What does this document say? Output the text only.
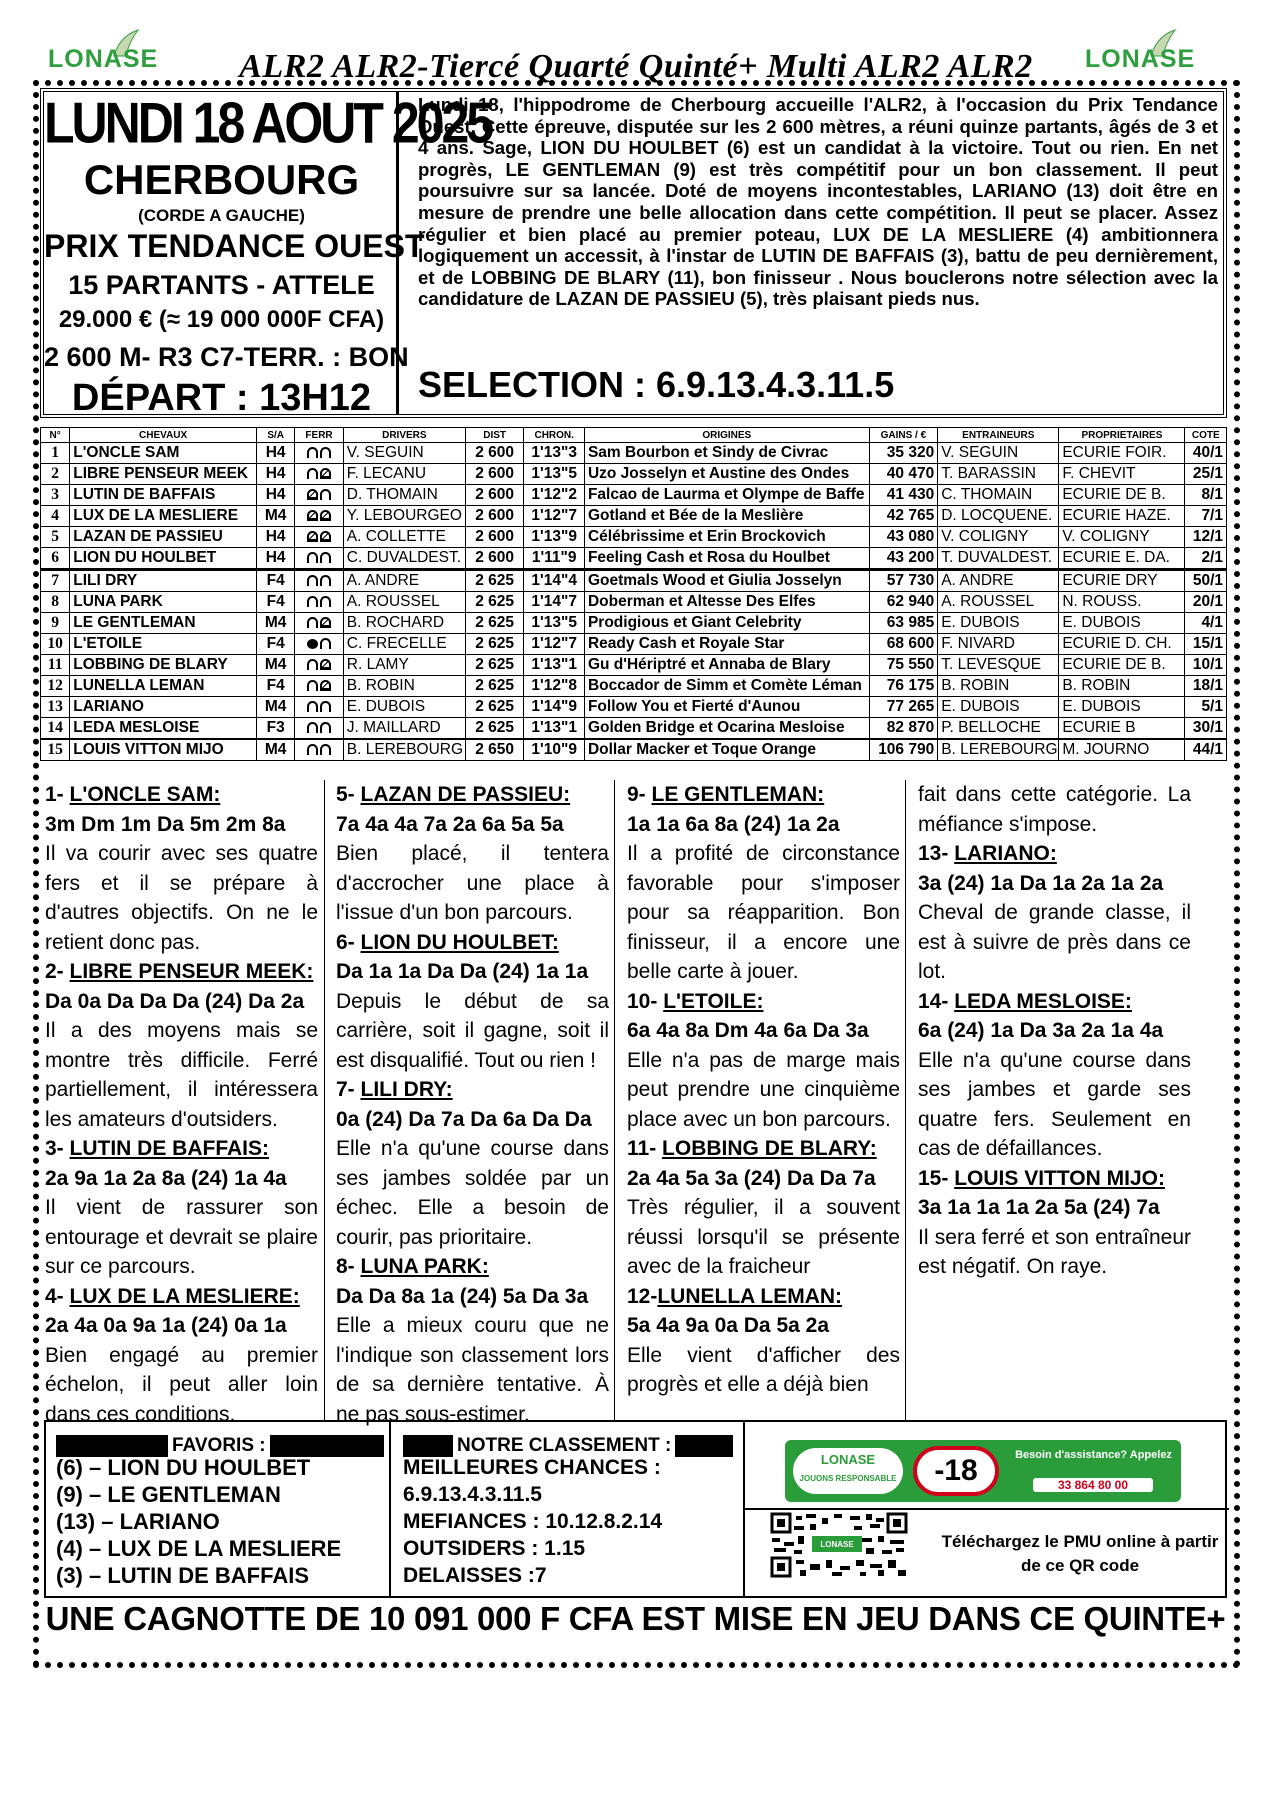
LONASE	LONASE
ALR2 ALR2-Tiercé Quarté Quinté+ Multi ALR2 ALR2
LUNDI 18 AOUT 2025
CHERBOURG
(CORDE A GAUCHE)
PRIX TENDANCE OUEST
15 PARTANTS - ATTELE
29.000 € (≈ 19 000 000F CFA)
2 600 M- R3 C7-TERR. : BON
DÉPART : 13H12
Lundi 18, l'hippodrome de Cherbourg accueille l'ALR2, à l'occasion du Prix Tendance Ouest. Cette épreuve, disputée sur les 2 600 mètres, a réuni quinze partants, âgés de 3 et 4 ans. Sage, LION DU HOULBET (6) est un candidat à la victoire. Tout ou rien. En net progrès, LE GENTLEMAN (9) est très compétitif pour un bon classement. Il peut poursuivre sur sa lancée. Doté de moyens incontestables, LARIANO (13) doit être en mesure de prendre une belle allocation dans cette compétition. Il peut se placer. Assez régulier et bien placé au premier poteau, LUX DE LA MESLIERE (4) ambitionnera logiquement un accessit, à l'instar de LUTIN DE BAFFAIS (3), battu de peu dernièrement, et de LOBBING DE BLARY (11), bon finisseur . Nous bouclerons notre sélection avec la candidature de LAZAN DE PASSIEU (5), très plaisant pieds nus.
SELECTION : 6.9.13.4.3.11.5
N°	CHEVAUX	S/A	FERR	DRIVERS	DIST	CHRON.	ORIGINES	GAINS / €	ENTRAINEURS	PROPRIETAIRES	COTE
1	L'ONCLE SAM	H4		V. SEGUIN	2 600	1'13"3	Sam Bourbon et Sindy de Civrac	35 320	V. SEGUIN	ECURIE FOIR.	40/1
2	LIBRE PENSEUR MEEK	H4		F. LECANU	2 600	1'13"5	Uzo Josselyn et Austine des Ondes	40 470	T. BARASSIN	F. CHEVIT	25/1
3	LUTIN DE BAFFAIS	H4		D. THOMAIN	2 600	1'12"2	Falcao de Laurma et Olympe de Baffe	41 430	C. THOMAIN	ECURIE DE B.	8/1
4	LUX DE LA MESLIERE	M4		Y. LEBOURGEO	2 600	1'12"7	Gotland et Bée de la Meslière	42 765	D. LOCQUENE.	ECURIE HAZE.	7/1
5	LAZAN DE PASSIEU	H4		A. COLLETTE	2 600	1'13"9	Célébrissime et Erin Brockovich	43 080	V. COLIGNY	V. COLIGNY	12/1
6	LION DU HOULBET	H4		C. DUVALDEST.	2 600	1'11"9	Feeling Cash et Rosa du Houlbet	43 200	T. DUVALDEST.	ECURIE E. DA.	2/1
7	LILI DRY	F4		A. ANDRE	2 625	1'14"4	Goetmals Wood et Giulia Josselyn	57 730	A. ANDRE	ECURIE DRY	50/1
8	LUNA PARK	F4		A. ROUSSEL	2 625	1'14"7	Doberman et Altesse Des Elfes	62 940	A. ROUSSEL	N. ROUSS.	20/1
9	LE GENTLEMAN	M4		B. ROCHARD	2 625	1'13"5	Prodigious et Giant Celebrity	63 985	E. DUBOIS	E. DUBOIS	4/1
10	L'ETOILE	F4		C. FRECELLE	2 625	1'12"7	Ready Cash et Royale Star	68 600	F. NIVARD	ECURIE D. CH.	15/1
11	LOBBING DE BLARY	M4		R. LAMY	2 625	1'13"1	Gu d'Hériptré et Annaba de Blary	75 550	T. LEVESQUE	ECURIE DE B.	10/1
12	LUNELLA LEMAN	F4		B. ROBIN	2 625	1'12"8	Boccador de Simm et Comète Léman	76 175	B. ROBIN	B. ROBIN	18/1
13	LARIANO	M4		E. DUBOIS	2 625	1'14"9	Follow You et Fierté d'Aunou	77 265	E. DUBOIS	E. DUBOIS	5/1
14	LEDA MESLOISE	F3		J. MAILLARD	2 625	1'13"1	Golden Bridge et Ocarina Mesloise	82 870	P. BELLOCHE	ECURIE B	30/1
15	LOUIS VITTON MIJO	M4		B. LEREBOURG	2 650	1'10"9	Dollar Macker et Toque Orange	106 790	B. LEREBOURG	M. JOURNO	44/1
1- L'ONCLE SAM:
3m Dm 1m Da 5m 2m 8a
Il va courir avec ses quatre fers et il se prépare à d'autres objectifs. On ne le retient donc pas.
2- LIBRE PENSEUR MEEK:
Da 0a Da Da Da (24) Da 2a
Il a des moyens mais se montre très difficile. Ferré partiellement, il intéressera les amateurs d'outsiders.
3- LUTIN DE BAFFAIS:
2a 9a 1a 2a 8a (24) 1a 4a
Il vient de rassurer son entourage et devrait se plaire sur ce parcours.
4- LUX DE LA MESLIERE:
2a 4a 0a 9a 1a (24) 0a 1a
Bien engagé au premier échelon, il peut aller loin dans ces conditions.
5- LAZAN DE PASSIEU:
7a 4a 4a 7a 2a 6a 5a 5a
Bien placé, il tentera d'accrocher une place à l'issue d'un bon parcours.
6- LION DU HOULBET:
Da 1a 1a Da Da (24) 1a 1a
Depuis le début de sa carrière, soit il gagne, soit il est disqualifié. Tout ou rien !
7- LILI DRY:
0a (24) Da 7a Da 6a Da Da
Elle n'a qu'une course dans ses jambes soldée par un échec. Elle a besoin de courir, pas prioritaire.
8- LUNA PARK:
Da Da 8a 1a (24) 5a Da 3a
Elle a mieux couru que ne l'indique son classement lors de sa dernière tentative. À ne pas sous-estimer.
9- LE GENTLEMAN:
1a 1a 6a 8a (24) 1a 2a
Il a profité de circonstance favorable pour s'imposer pour sa réapparition. Bon finisseur, il a encore une belle carte à jouer.
10- L'ETOILE:
6a 4a 8a Dm 4a 6a Da 3a
Elle n'a pas de marge mais peut prendre une cinquième place avec un bon parcours.
11- LOBBING DE BLARY:
2a 4a 5a 3a (24) Da Da 7a
Très régulier, il a souvent réussi lorsqu'il se présente avec de la fraicheur
12-LUNELLA LEMAN:
5a 4a 9a 0a Da 5a 2a
Elle vient d'afficher des progrès et elle a déjà bien
fait dans cette catégorie. La méfiance s'impose.
13- LARIANO:
3a (24) 1a Da 1a 2a 1a 2a
Cheval de grande classe, il est à suivre de près dans ce lot.
14- LEDA MESLOISE:
6a (24) 1a Da 3a 2a 1a 4a
Elle n'a qu'une course dans ses jambes et garde ses quatre fers. Seulement en cas de défaillances.
15- LOUIS VITTON MIJO:
3a 1a 1a 1a 2a 5a (24) 7a
Il sera ferré et son entraîneur est négatif. On raye.
FAVORIS :	NOTRE CLASSEMENT :
(6) – LION DU HOULBET
(9) – LE GENTLEMAN
(13) – LARIANO
(4) – LUX DE LA MESLIERE
(3) – LUTIN DE BAFFAIS
MEILLEURES CHANCES :
6.9.13.4.3.11.5
MEFIANCES : 10.12.8.2.14
OUTSIDERS : 1.15
DELAISSES :7
LONASE
JOUONS RESPONSABLE	-18	Besoin d'assistance? Appelez
33 864 80 00
LONASE	Téléchargez le PMU online à partir de ce QR code
UNE CAGNOTTE DE 10 091 000 F CFA EST MISE EN JEU DANS CE QUINTE+
